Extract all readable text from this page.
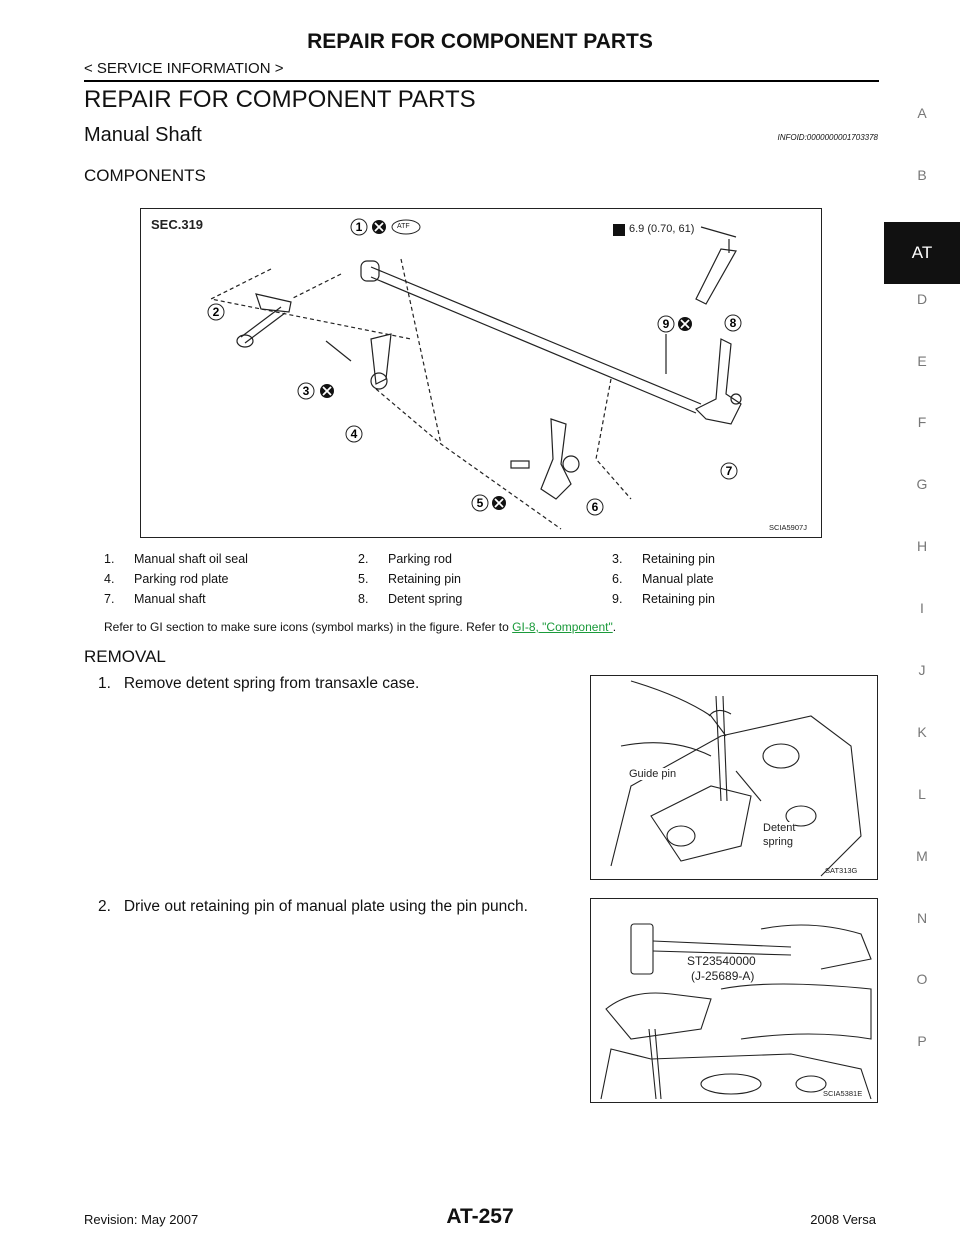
REPAIR FOR COMPONENT PARTS
< SERVICE INFORMATION >
REPAIR FOR COMPONENT PARTS
Manual Shaft	INFOID:0000000001703378
COMPONENTS
1
2
3
4
5	6
7
8
9
SEC.319	ATF	6.9 (0.70, 61)
SCIA5907J
1. Manual shaft oil seal	2. Parking rod	3. Retaining pin
4. Parking rod plate	5. Retaining pin	6. Manual plate
7. Manual shaft	8. Detent spring	9. Retaining pin
Refer to GI section to make sure icons (symbol marks) in the figure. Refer to GI-8, "Component".
REMOVAL
1.   Remove detent spring from transaxle case.
2.   Drive out retaining pin of manual plate using the pin punch.
Guide pin
Detent
spring
SAT313G
ST23540000
(J-25689-A)
SCIA5381E
A
B
AT
D
E
F
G
H
I
J
K
L
M
N
O
P
Revision: May 2007	AT-257	2008 Versa
